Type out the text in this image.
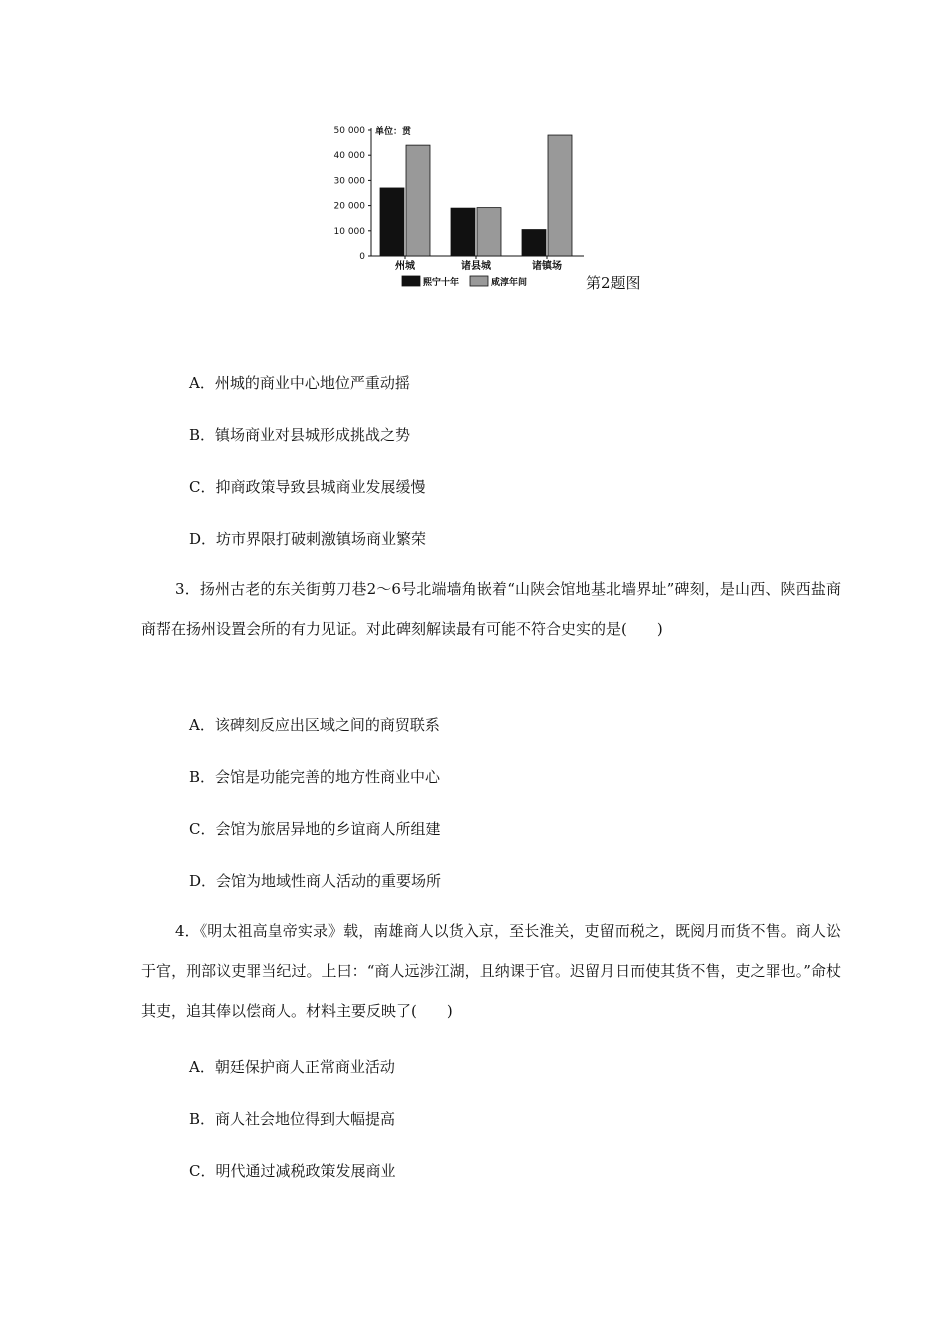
0
10 000
20 000
30 000
40 000
50 000 单位：贯
州城	诸县城	诸镇场
熙宁十年	咸淳年间	第2题图
A．州城的商业中心地位严重动摇
B．镇场商业对县城形成挑战之势
C．抑商政策导致县城商业发展缓慢
D．坊市界限打破刺激镇场商业繁荣
3．扬州古老的东关街剪刀巷2～6号北端墙角嵌着“山陕会馆地基北墙界址”碑刻，是山西、陕西盐商商帮在扬州设置会所的有力见证。对此碑刻解读最有可能不符合史实的是(　　)
A．该碑刻反应出区域之间的商贸联系
B．会馆是功能完善的地方性商业中心
C．会馆为旅居异地的乡谊商人所组建
D．会馆为地域性商人活动的重要场所
4．《明太祖高皇帝实录》载，南雄商人以货入京，至长淮关，吏留而税之，既阅月而货不售。商人讼于官，刑部议吏罪当纪过。上曰：“商人远涉江湖，且纳课于官。迟留月日而使其货不售，吏之罪也。”命杖其吏，追其俸以偿商人。材料主要反映了(　　)
A．朝廷保护商人正常商业活动
B．商人社会地位得到大幅提高
C．明代通过减税政策发展商业
